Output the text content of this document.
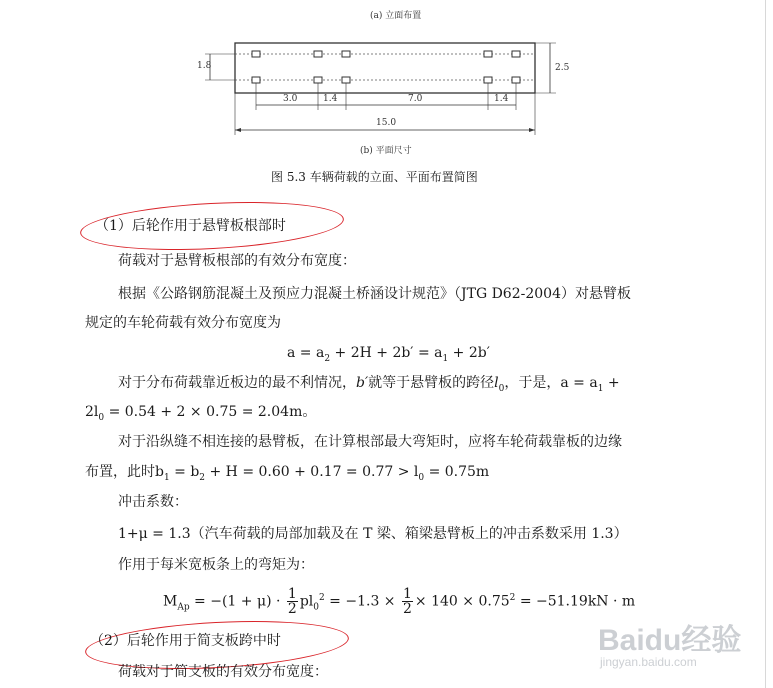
(a) 立面布置
1.8	2.5
3.0	1.4	7.0	1.4
15.0
(b) 平面尺寸
图 5.3 车辆荷载的立面、平面布置简图
（1）后轮作用于悬臂板根部时
荷载对于悬臂板根部的有效分布宽度：
根据《公路钢筋混凝土及预应力混凝土桥涵设计规范》（JTG D62-2004）对悬臂板
规定的车轮荷载有效分布宽度为
$a = a_2 + 2H + 2b' = a_1 + 2b'$
对于分布荷载靠近板边的最不利情况，b′就等于悬臂板的跨径$l_0$，于是，$a = a_1$ +
$2l_0 = 0.54 + 2 \times 0.75 = 2.04m$。
对于沿纵缝不相连接的悬臂板，在计算根部最大弯矩时，应将车轮荷载靠板的边缘
布置，此时$b_1 = b_2 + H = 0.60 + 0.17 = 0.77 > l_0 = 0.75m$
冲击系数：
1+μ = 1.3（汽车荷载的局部加载及在 T 梁、箱梁悬臂板上的冲击系数采用 1.3）
作用于每米宽板条上的弯矩为：
$M_{Ap} = -(1 + \mu) \cdot \frac{1}{2} pl_0^2 = -1.3 \times \frac{1}{2} \times 140 \times 0.75^2 = -51.19kN \cdot m$
（2）后轮作用于简支板跨中时
荷载对于简支板的有效分布宽度：
Baidu经验
jingyan.baidu.com
